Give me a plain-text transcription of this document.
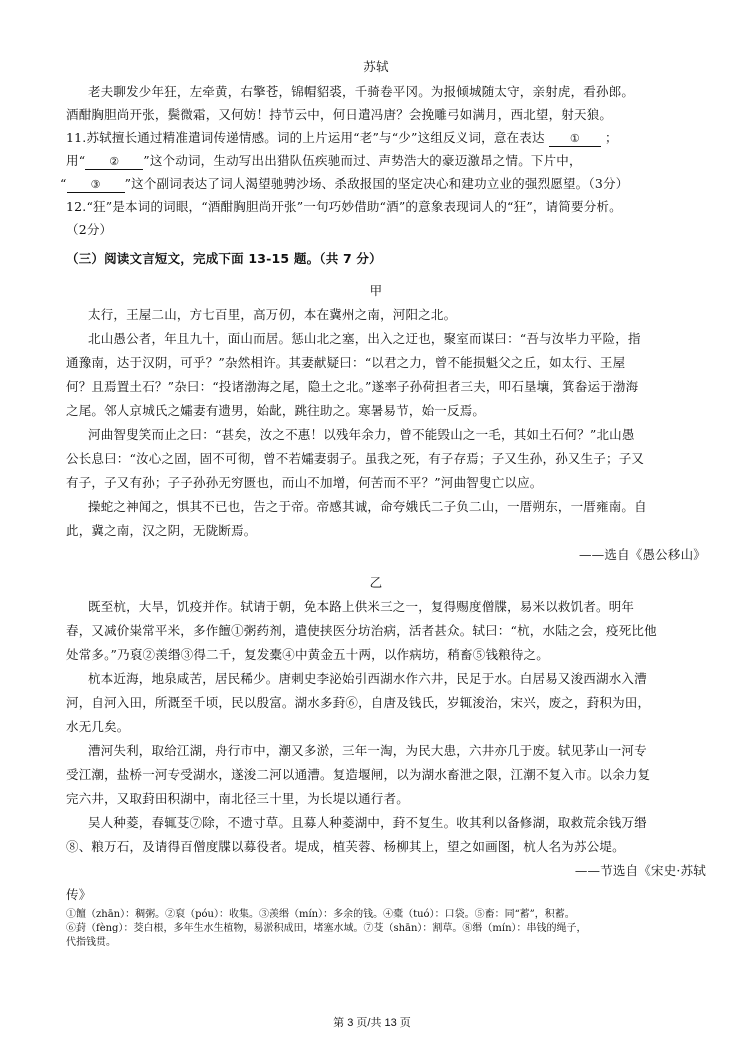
苏轼
老夫聊发少年狂，左牵黄，右擎苍，锦帽貂裘，千骑卷平冈。为报倾城随太守，亲射虎，看孙郎。
酒酣胸胆尚开张，鬓微霜，又何妨！持节云中，何日遣冯唐？会挽雕弓如满月，西北望，射天狼。
11.苏轼擅长通过精准遣词传递情感。词的上片运用“老”与“少”这组反义词，意在表达 ① ；
用“ ② ”这个动词，生动写出出猎队伍疾驰而过、声势浩大的豪迈激昂之情。下片中，
“ ③ ”这个副词表达了词人渴望驰骋沙场、杀敌报国的坚定决心和建功立业的强烈愿望。（3分）
12.“狂”是本词的词眼，“酒酣胸胆尚开张”一句巧妙借助“酒”的意象表现词人的“狂”，请简要分析。
（2分）
（三）阅读文言短文，完成下面 13-15 题。（共 7 分）
甲
太行，王屋二山，方七百里，高万仞，本在冀州之南，河阳之北。
北山愚公者，年且九十，面山而居。惩山北之塞，出入之迂也，聚室而谋曰：“吾与汝毕力平险，指
通豫南，达于汉阴，可乎？”杂然相许。其妻献疑曰：“以君之力，曾不能损魁父之丘，如太行、王屋
何？且焉置土石？”杂曰：“投诸渤海之尾，隐土之北。”遂率子孙荷担者三夫，叩石垦壤，箕畚运于渤海
之尾。邻人京城氏之孀妻有遗男，始龀，跳往助之。寒暑易节，始一反焉。
河曲智叟笑而止之曰：“甚矣，汝之不惠！以残年余力，曾不能毁山之一毛，其如土石何？”北山愚
公长息曰：“汝心之固，固不可彻，曾不若孀妻弱子。虽我之死，有子存焉；子又生孙，孙又生子；子又
有子，子又有孙；子子孙孙无穷匮也，而山不加增，何苦而不平？”河曲智叟亡以应。
操蛇之神闻之，惧其不已也，告之于帝。帝感其诚，命夸娥氏二子负二山，一厝朔东，一厝雍南。自
此，冀之南，汉之阴，无陇断焉。
——选自《愚公移山》
乙
既至杭，大旱，饥疫并作。轼请于朝，免本路上供米三之一，复得赐度僧牒，易米以救饥者。明年
春，又减价粜常平米，多作饘①粥药剂，遣使挟医分坊治病，活者甚众。轼曰：“杭，水陆之会，疫死比他
处常多。”乃裒②羡缗③得二千，复发橐④中黄金五十两，以作病坊，稍畜⑤钱粮待之。
杭本近海，地泉咸苦，居民稀少。唐刺史李泌始引西湖水作六井，民足于水。白居易又浚西湖水入漕
河，自河入田，所溉至千顷，民以殷富。湖水多葑⑥，自唐及钱氏，岁辄浚治，宋兴，废之，葑积为田，
水无几矣。
漕河失利，取给江湖，舟行市中，潮又多淤，三年一淘，为民大患，六井亦几于废。轼见茅山一河专
受江潮，盐桥一河专受湖水，遂浚二河以通漕。复造堰闸，以为湖水畜泄之限，江潮不复入市。以余力复
完六井，又取葑田积湖中，南北径三十里，为长堤以通行者。
吴人种菱，春辄芟⑦除，不遗寸草。且募人种菱湖中，葑不复生。收其利以备修湖，取救荒余钱万缗
⑧、粮万石，及请得百僧度牒以募役者。堤成，植芙蓉、杨柳其上，望之如画图，杭人名为苏公堤。
——节选自《宋史·苏轼
传》
①饘（zhān）：稠粥。②裒（póu）：收集。③羡缗（mín）：多余的钱。④橐（tuó）：口袋。⑤畜：同“蓄”，积蓄。
⑥葑（fèng）：茭白根，多年生水生植物，易淤积成田，堵塞水域。⑦芟（shān）：割草。⑧缗（mín）：串钱的绳子，
代指钱贯。
第 3 页/共 13 页
